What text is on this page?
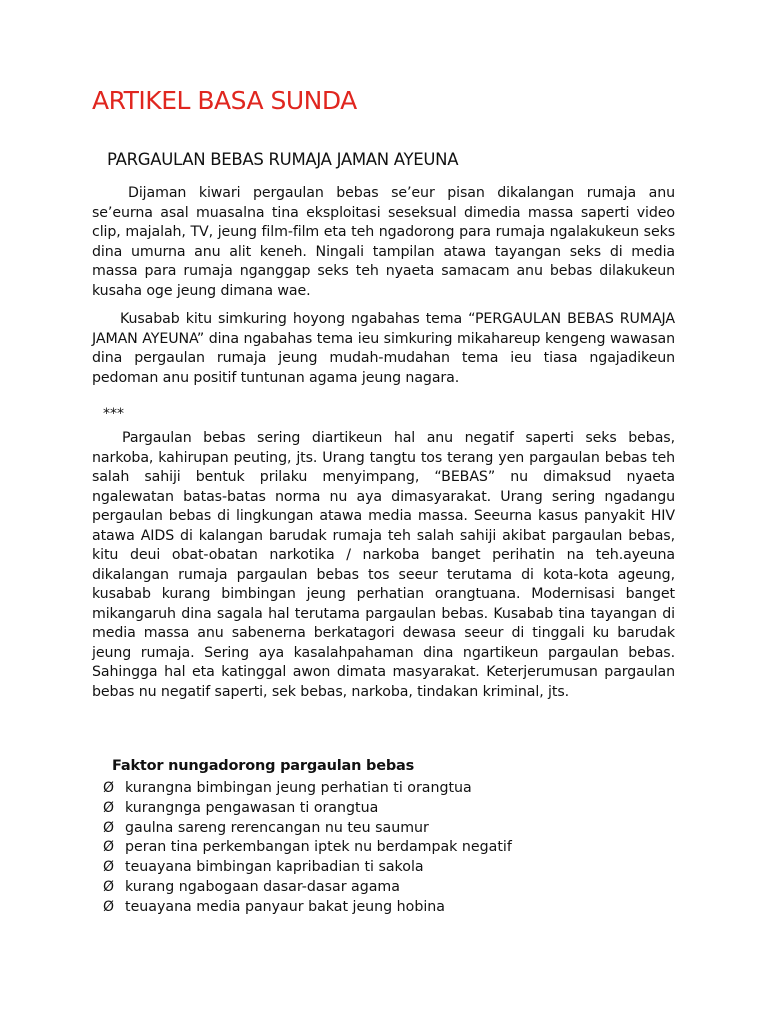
ARTIKEL BASA SUNDA
PARGAULAN BEBAS RUMAJA JAMAN AYEUNA

Dijaman kiwari pergaulan bebas se’eur pisan dikalangan rumaja anu se’eurna asal muasalna tina eksploitasi seseksual dimedia massa saperti video clip, majalah, TV, jeung film-film eta teh ngadorong para rumaja ngalakukeun seks dina umurna anu alit keneh. Ningali tampilan atawa tayangan seks di media massa para rumaja nganggap seks teh nyaeta samacam anu bebas dilakukeun kusaha oge jeung dimana wae.

Kusabab kitu simkuring hoyong ngabahas tema “PERGAULAN BEBAS RUMAJA JAMAN AYEUNA” dina ngabahas tema ieu simkuring mikahareup kengeng wawasan dina pergaulan rumaja jeung mudah-mudahan tema ieu tiasa ngajadikeun pedoman anu positif tuntunan agama jeung nagara.

***

Pargaulan bebas sering diartikeun hal anu negatif saperti seks bebas, narkoba, kahirupan peuting, jts. Urang tangtu tos terang yen pargaulan bebas teh salah sahiji bentuk prilaku menyimpang, “BEBAS” nu dimaksud nyaeta ngalewatan batas-batas norma nu aya dimasyarakat. Urang sering ngadangu pergaulan bebas di lingkungan atawa media massa. Seeurna kasus panyakit HIV atawa AIDS di kalangan barudak rumaja teh salah sahiji akibat pargaulan bebas, kitu deui obat-obatan narkotika / narkoba banget perihatin na teh.ayeuna dikalangan rumaja pargaulan bebas tos seeur terutama di kota-kota ageung, kusabab kurang bimbingan jeung perhatian orangtuana. Modernisasi banget mikangaruh dina sagala hal terutama pargaulan bebas. Kusabab tina tayangan di media massa anu sabenerna berkatagori dewasa seeur di tinggali ku barudak jeung rumaja. Sering aya kasalahpahaman dina ngartikeun pargaulan bebas. Sahingga hal eta katinggal awon dimata masyarakat. Keterjerumusan pargaulan bebas nu negatif saperti, sek bebas, narkoba, tindakan kriminal, jts.

Faktor nungadorong pargaulan bebas

Ø kurangna bimbingan jeung perhatian ti orangtua
Ø kurangnga pengawasan ti orangtua
Ø gaulna sareng rerencangan nu teu saumur
Ø peran tina perkembangan iptek nu berdampak negatif
Ø teuayana bimbingan kapribadian ti sakola
Ø kurang ngabogaan dasar-dasar agama
Ø teuayana media panyaur bakat jeung hobina
